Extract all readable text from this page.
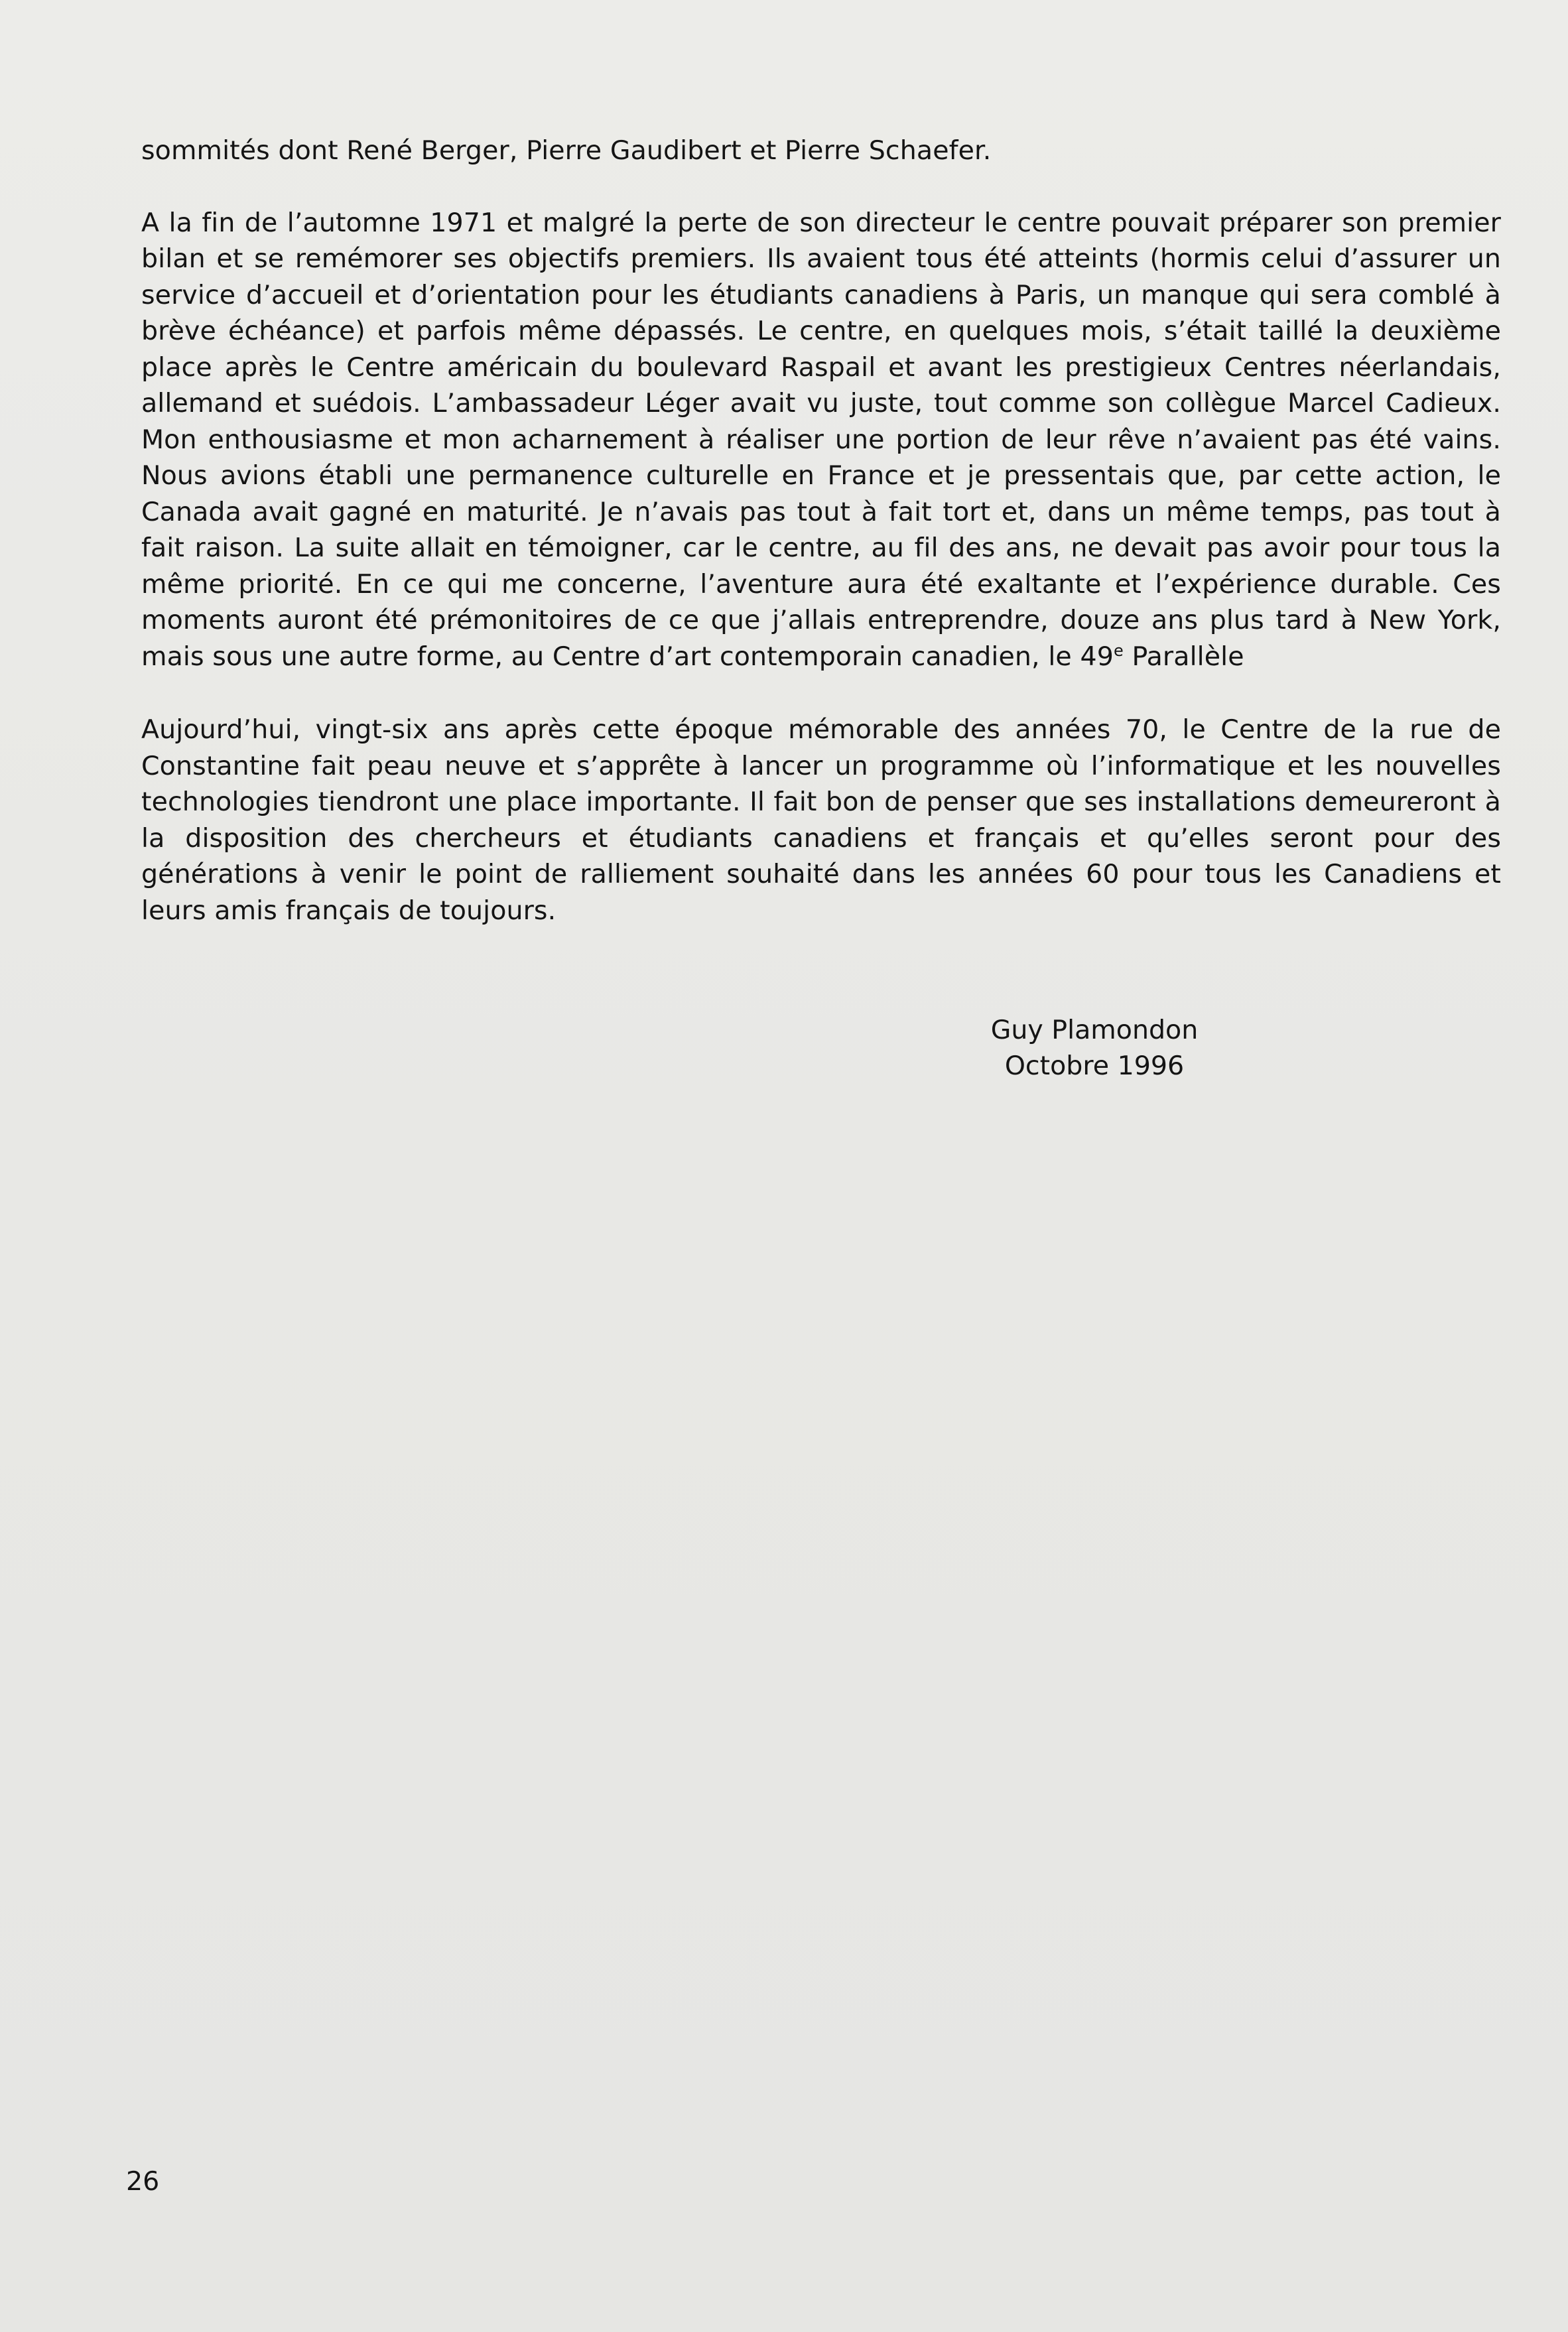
sommités dont René Berger, Pierre Gaudibert et Pierre Schaefer.

A la fin de l’automne 1971 et malgré la perte de son directeur le centre pouvait préparer son premier bilan et se remémorer ses objectifs premiers. Ils avaient tous été atteints (hormis celui d’assurer un service d’accueil et d’orientation pour les étudiants canadiens à Paris, un manque qui sera comblé à brève échéance) et parfois même dépassés. Le centre, en quelques mois, s’était taillé la deuxième place après le Centre américain du boulevard Raspail et avant les prestigieux Centres néerlandais, allemand et suédois. L’ambassadeur Léger avait vu juste, tout comme son collègue Marcel Cadieux. Mon enthousiasme et mon acharnement à réaliser une portion de leur rêve n’avaient pas été vains. Nous avions établi une permanence culturelle en France et je pressentais que, par cette action, le Canada avait gagné en maturité. Je n’avais pas tout à fait tort et, dans un même temps, pas tout à fait raison. La suite allait en témoigner, car le centre, au fil des ans, ne devait pas avoir pour tous la même priorité. En ce qui me concerne, l’aventure aura été exaltante et l’expérience durable. Ces moments auront été prémonitoires de ce que j’allais entreprendre, douze ans plus tard à New York, mais sous une autre forme, au Centre d’art contemporain canadien, le 49e Parallèle

Aujourd’hui, vingt-six ans après cette époque mémorable des années 70, le Centre de la rue de Constantine fait peau neuve et s’apprête à lancer un programme où l’informatique et les nouvelles technologies tiendront une place importante. Il fait bon de penser que ses installations demeureront à la disposition des chercheurs et étudiants canadiens et français et qu’elles seront pour des générations à venir le point de ralliement souhaité dans les années 60 pour tous les Canadiens et leurs amis français de toujours.

Guy Plamondon
Octobre 1996
26
